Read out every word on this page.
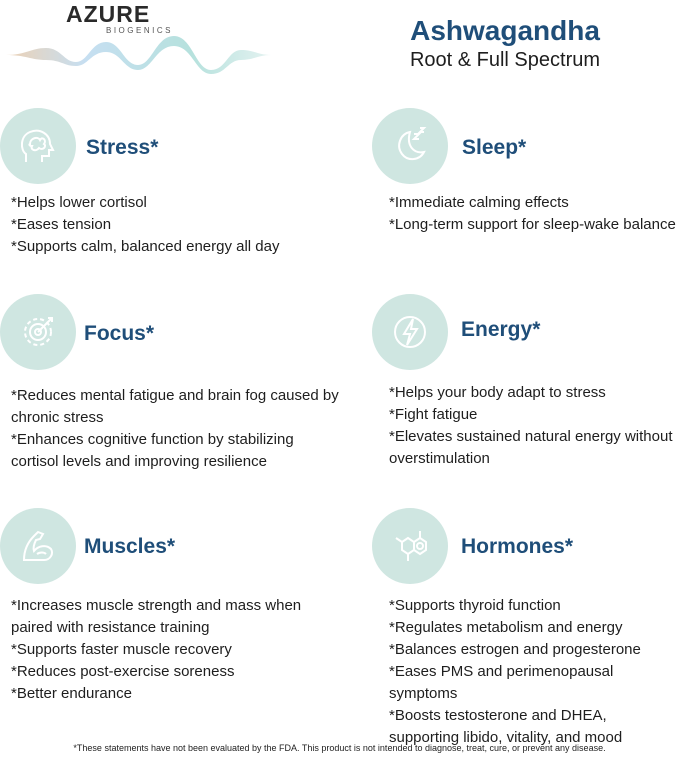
AZURE
BIOGENICS	Ashwagandha
Root & Full Spectrum
Stress*
*Helps lower cortisol
*Eases tension
*Supports calm, balanced energy all day
Sleep*
*Immediate calming effects
*Long-term support for sleep-wake balance
Focus*
*Reduces mental fatigue and brain fog caused by chronic stress
*Enhances cognitive function by stabilizing cortisol levels and improving resilience
Energy*
*Helps your body adapt to stress
*Fight fatigue
*Elevates sustained natural energy without overstimulation
Muscles*
*Increases muscle strength and mass when paired with resistance training
*Supports faster muscle recovery
*Reduces post-exercise soreness
*Better endurance
Hormones*
*Supports thyroid function
*Regulates metabolism and energy
*Balances estrogen and progesterone
*Eases PMS and perimenopausal symptoms
*Boosts testosterone and DHEA, supporting libido, vitality, and mood
*These statements have not been evaluated by the FDA. This product is not intended to diagnose, treat, cure, or prevent any disease.
